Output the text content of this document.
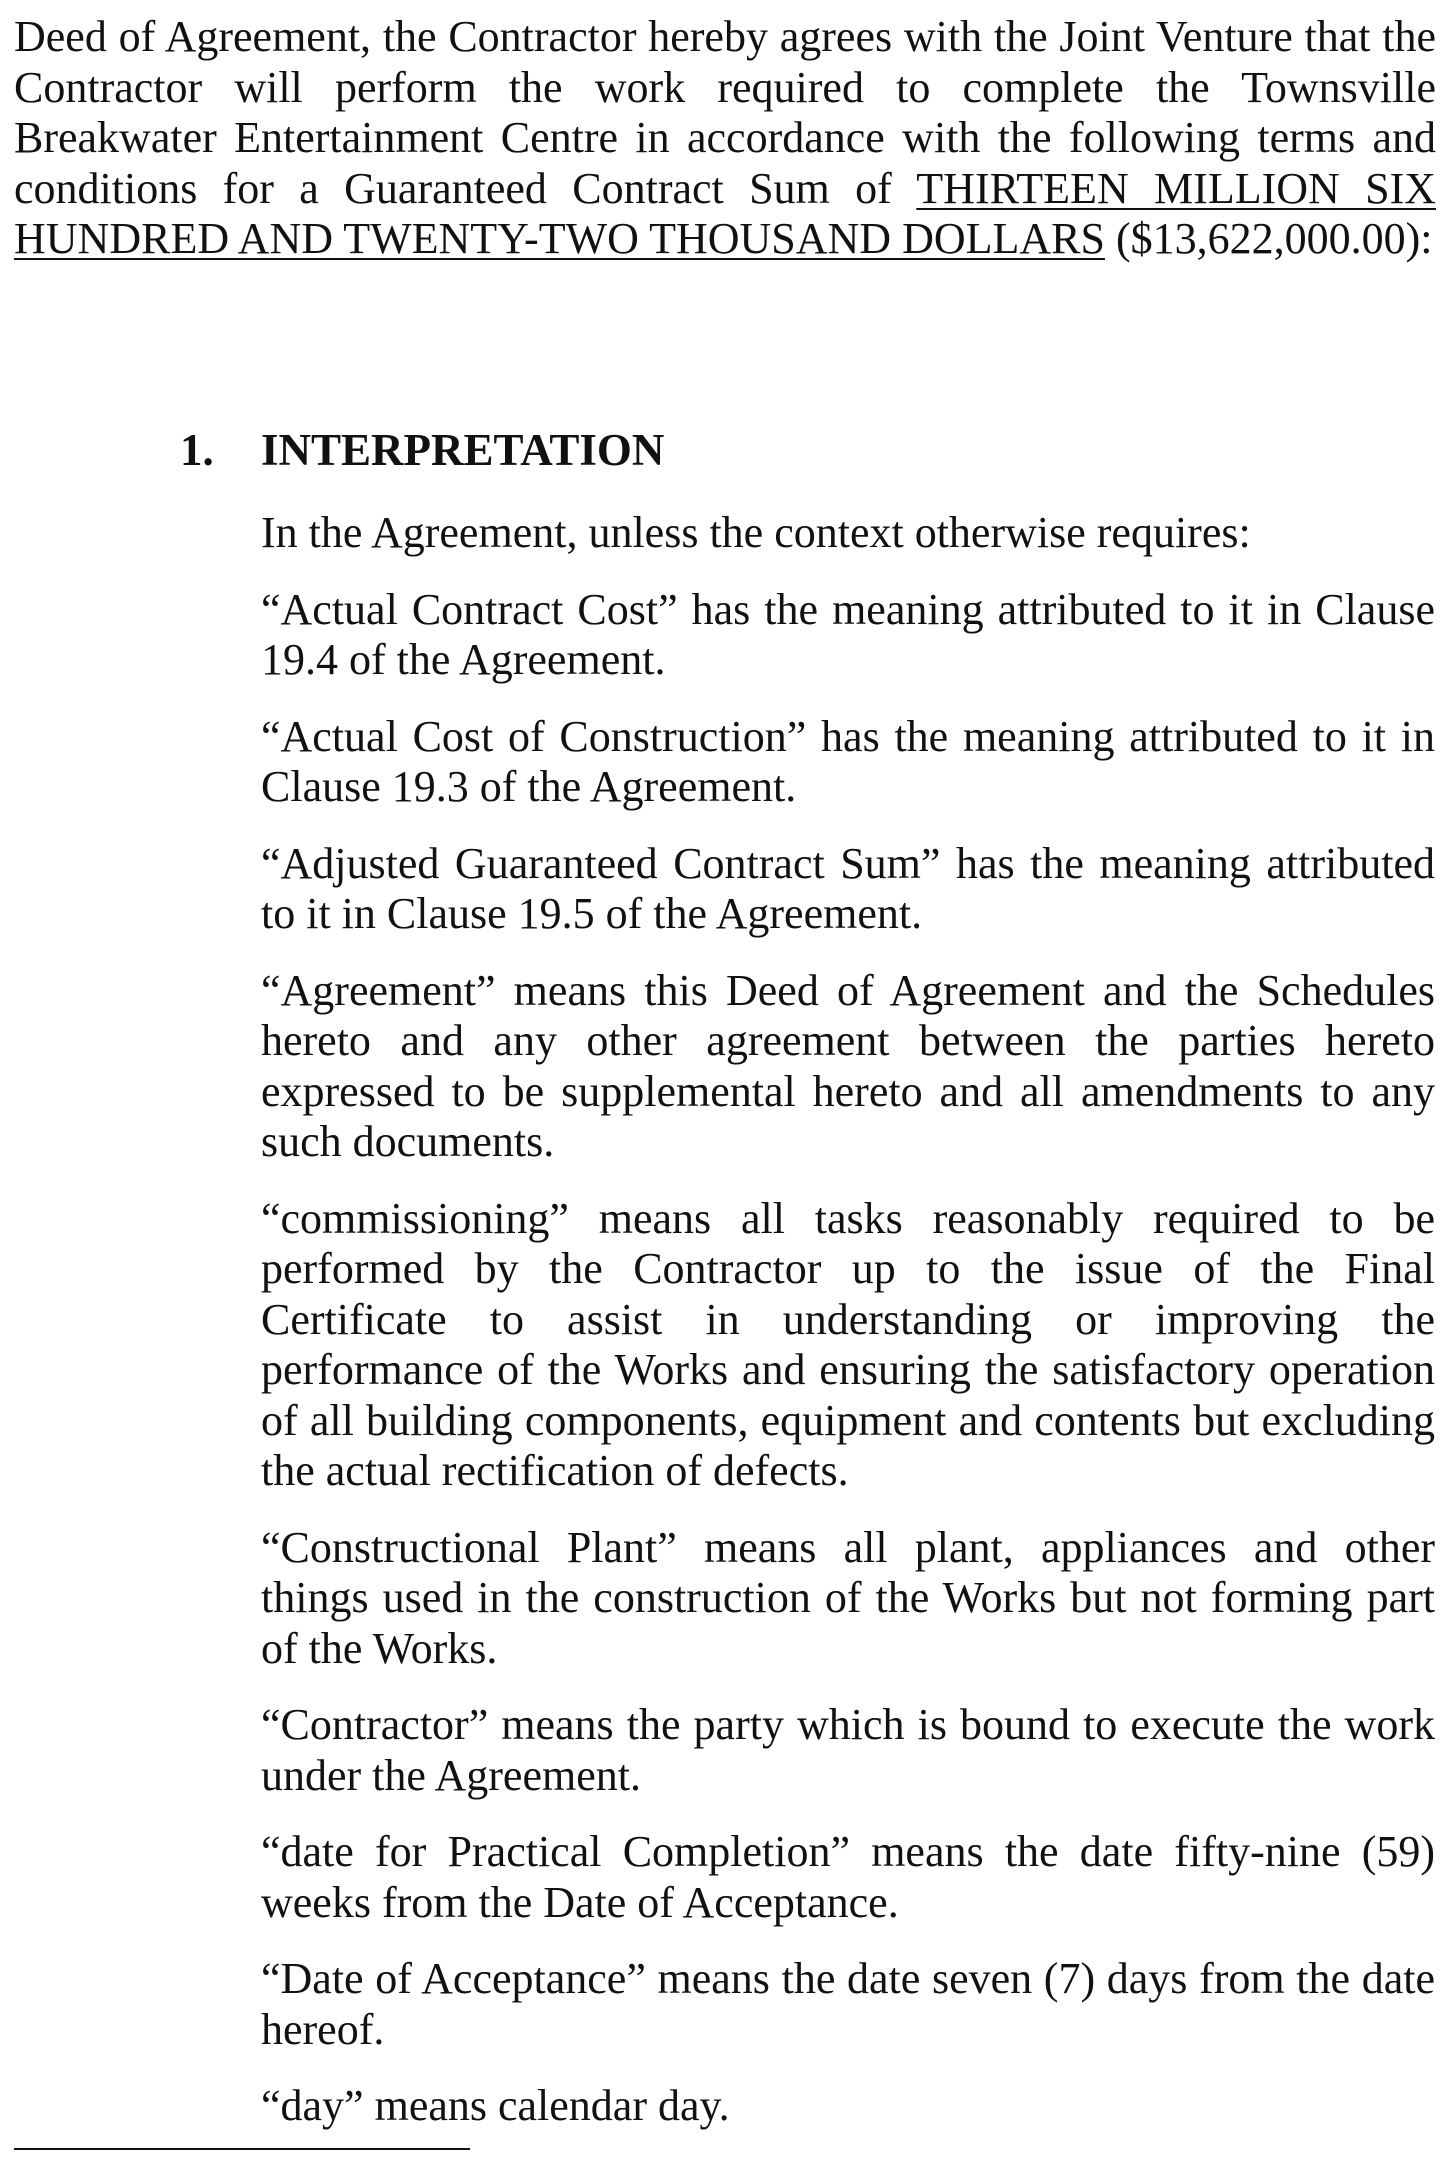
Deed of Agreement, the Contractor hereby agrees with the Joint Venture that the Contractor will perform the work required to complete the Townsville Breakwater Entertainment Centre in accordance with the following terms and conditions for a Guaranteed Contract Sum of THIRTEEN MILLION SIX HUNDRED AND TWENTY-TWO THOUSAND DOLLARS ($13,622,000.00):

1. INTERPRETATION

In the Agreement, unless the context otherwise requires:

“Actual Contract Cost” has the meaning attributed to it in Clause 19.4 of the Agreement.

“Actual Cost of Construction” has the meaning attributed to it in Clause 19.3 of the Agreement.

“Adjusted Guaranteed Contract Sum” has the meaning attributed to it in Clause 19.5 of the Agreement.

“Agreement” means this Deed of Agreement and the Schedules hereto and any other agreement between the parties hereto expressed to be supplemental hereto and all amendments to any such documents.

“commissioning” means all tasks reasonably required to be performed by the Contractor up to the issue of the Final Certificate to assist in understanding or improving the performance of the Works and ensuring the satisfactory operation of all building components, equipment and contents but excluding the actual rectification of defects.

“Constructional Plant” means all plant, appliances and other things used in the construction of the Works but not forming part of the Works.

“Contractor” means the party which is bound to execute the work under the Agreement.

“date for Practical Completion” means the date fifty-nine (59) weeks from the Date of Acceptance.

“Date of Acceptance” means the date seven (7) days from the date hereof.

“day” means calendar day.
